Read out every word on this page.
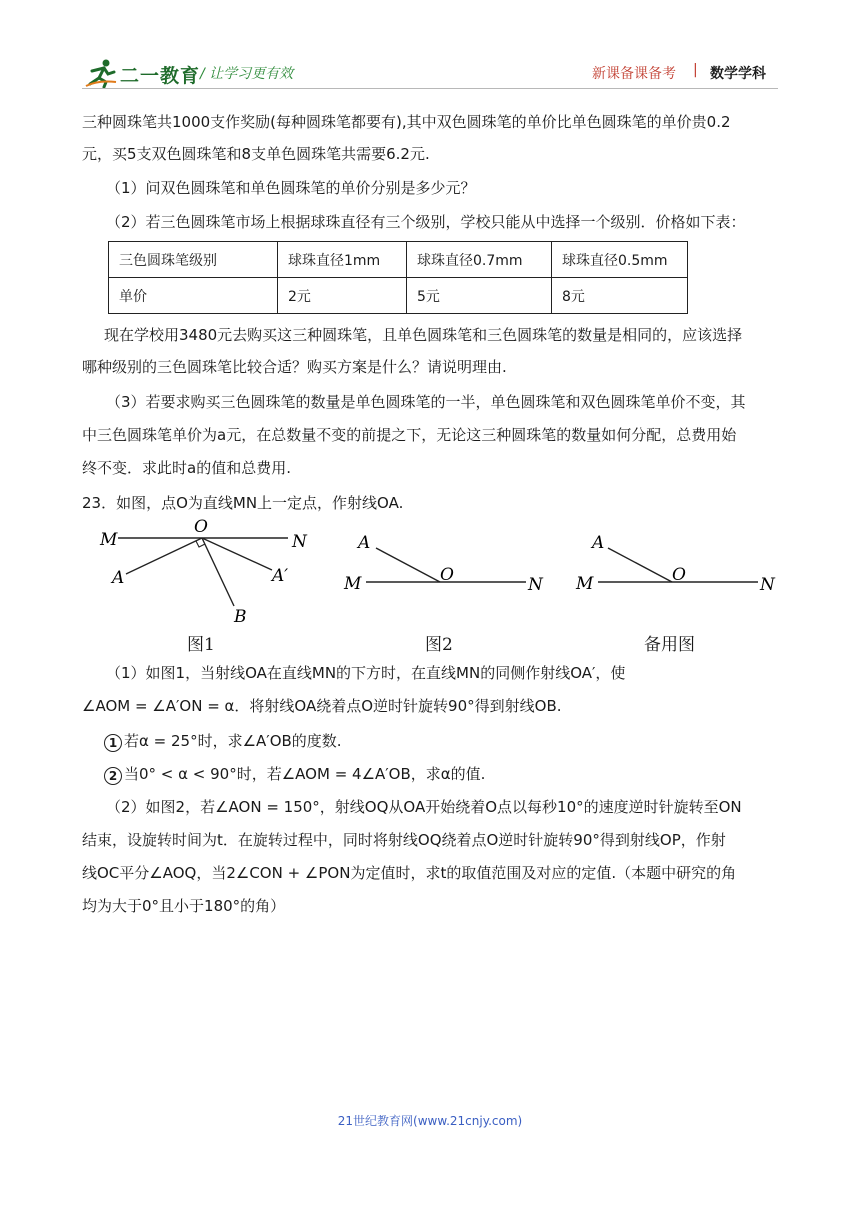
二一教育 / 让学习更有效	新课备课备考 | 数学学科
三种圆珠笔共1000支作奖励(每种圆珠笔都要有),其中双色圆珠笔的单价比单色圆珠笔的单价贵0.2
元，买5支双色圆珠笔和8支单色圆珠笔共需要6.2元.
（1）问双色圆珠笔和单色圆珠笔的单价分别是多少元？
（2）若三色圆珠笔市场上根据球珠直径有三个级别，学校只能从中选择一个级别．价格如下表：
三色圆珠笔级别	球珠直径1mm	球珠直径0.7mm	球珠直径0.5mm
单价	2元	5元	8元
现在学校用3480元去购买这三种圆珠笔，且单色圆珠笔和三色圆珠笔的数量是相同的，应该选择
哪种级别的三色圆珠笔比较合适？购买方案是什么？请说明理由.
（3）若要求购买三色圆珠笔的数量是单色圆珠笔的一半，单色圆珠笔和双色圆珠笔单价不变，其
中三色圆珠笔单价为a元，在总数量不变的前提之下，无论这三种圆珠笔的数量如何分配，总费用始
终不变．求此时a的值和总费用.
23．如图，点O为直线MN上一定点，作射线OA.
M	N
O
A	A′
B
图1
M	N
O
A
图2
M	N
O
A
备用图
（1）如图1，当射线OA在直线MN的下方时，在直线MN的同侧作射线OA′，使
∠AOM = ∠A′ON = α．将射线OA绕着点O逆时针旋转90°得到射线OB.
1 若α = 25°时，求∠A′OB的度数.
2 当0° < α < 90°时，若∠AOM = 4∠A′OB，求α的值.
（2）如图2，若∠AON = 150°，射线OQ从OA开始绕着O点以每秒10°的速度逆时针旋转至ON
结束，设旋转时间为t．在旋转过程中，同时将射线OQ绕着点O逆时针旋转90°得到射线OP，作射
线OC平分∠AOQ，当2∠CON + ∠PON为定值时，求t的取值范围及对应的定值.（本题中研究的角
均为大于0°且小于180°的角）
21世纪教育网(www.21cnjy.com)
